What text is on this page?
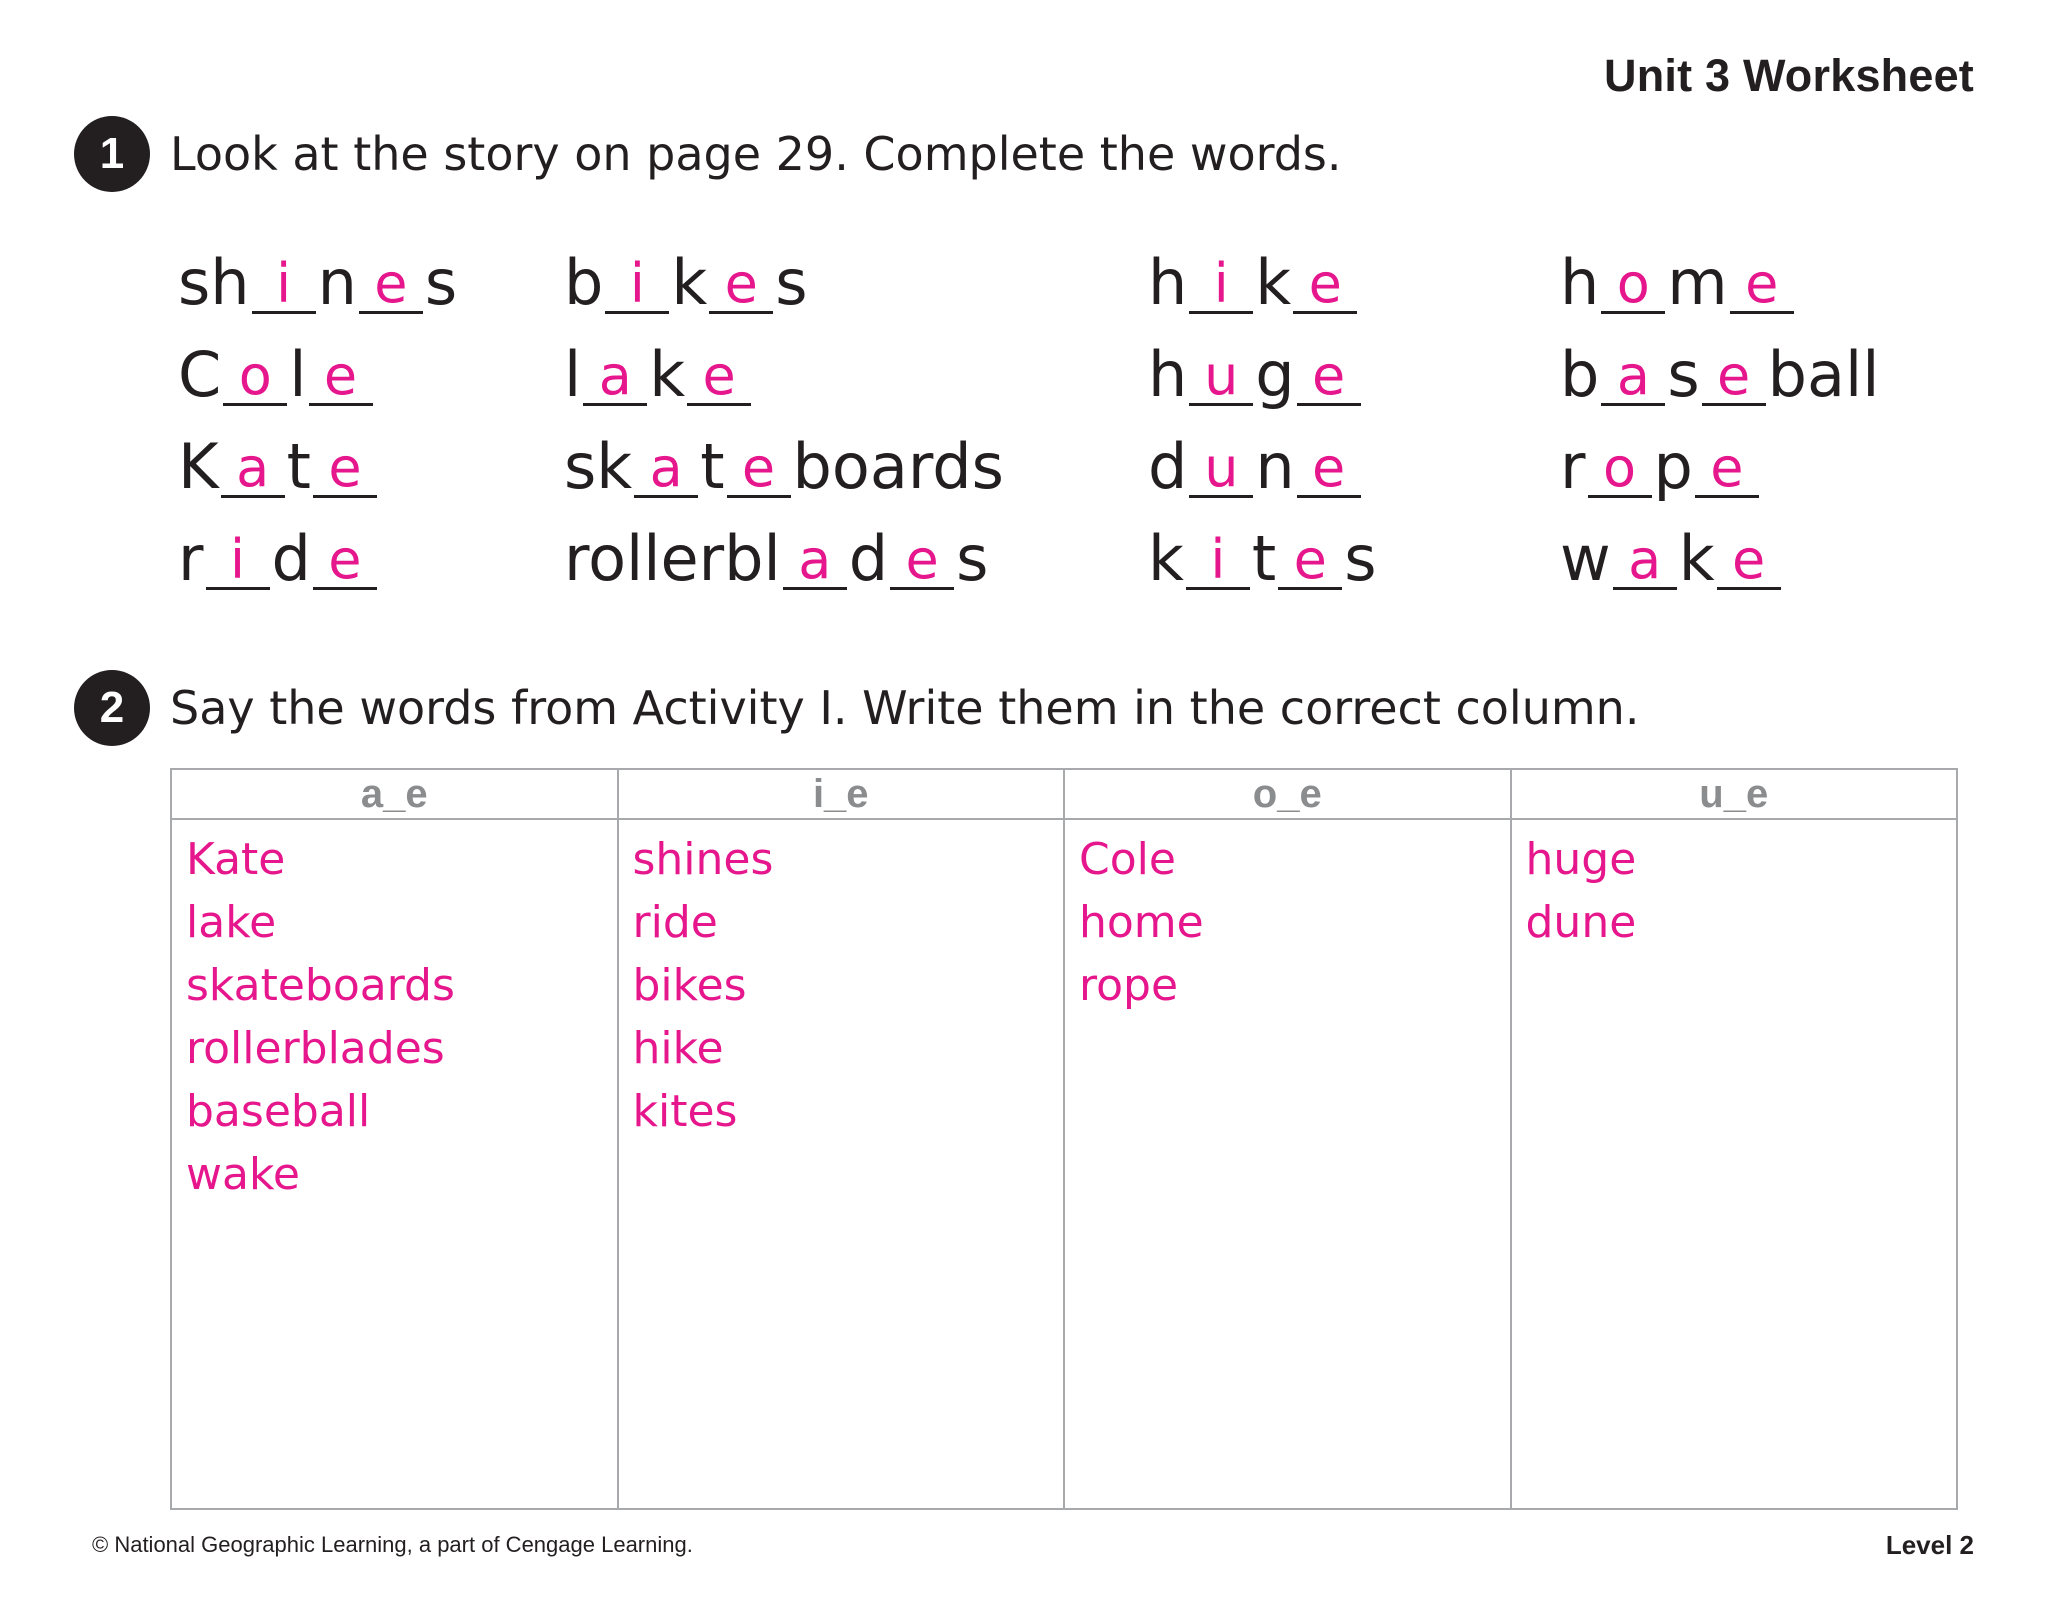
Unit 3 Worksheet
1 Look at the story on page 29. Complete the words.
sh i n e s
C o l e
K a t e
r i d e
b i k e s
l a k e
sk a t e boards
rollerbl a d e s
h i k e
h u g e
d u n e
k i t e s
h o m e
b a s e ball
r o p e
w a k e
2 Say the words from Activity I. Write them in the correct column.
a_e
Kate
lake
skateboards
rollerblades
baseball
wake
i_e
shines
ride
bikes
hike
kites
o_e
Cole
home
rope
u_e
huge
dune
© National Geographic Learning, a part of Cengage Learning.	Level 2
